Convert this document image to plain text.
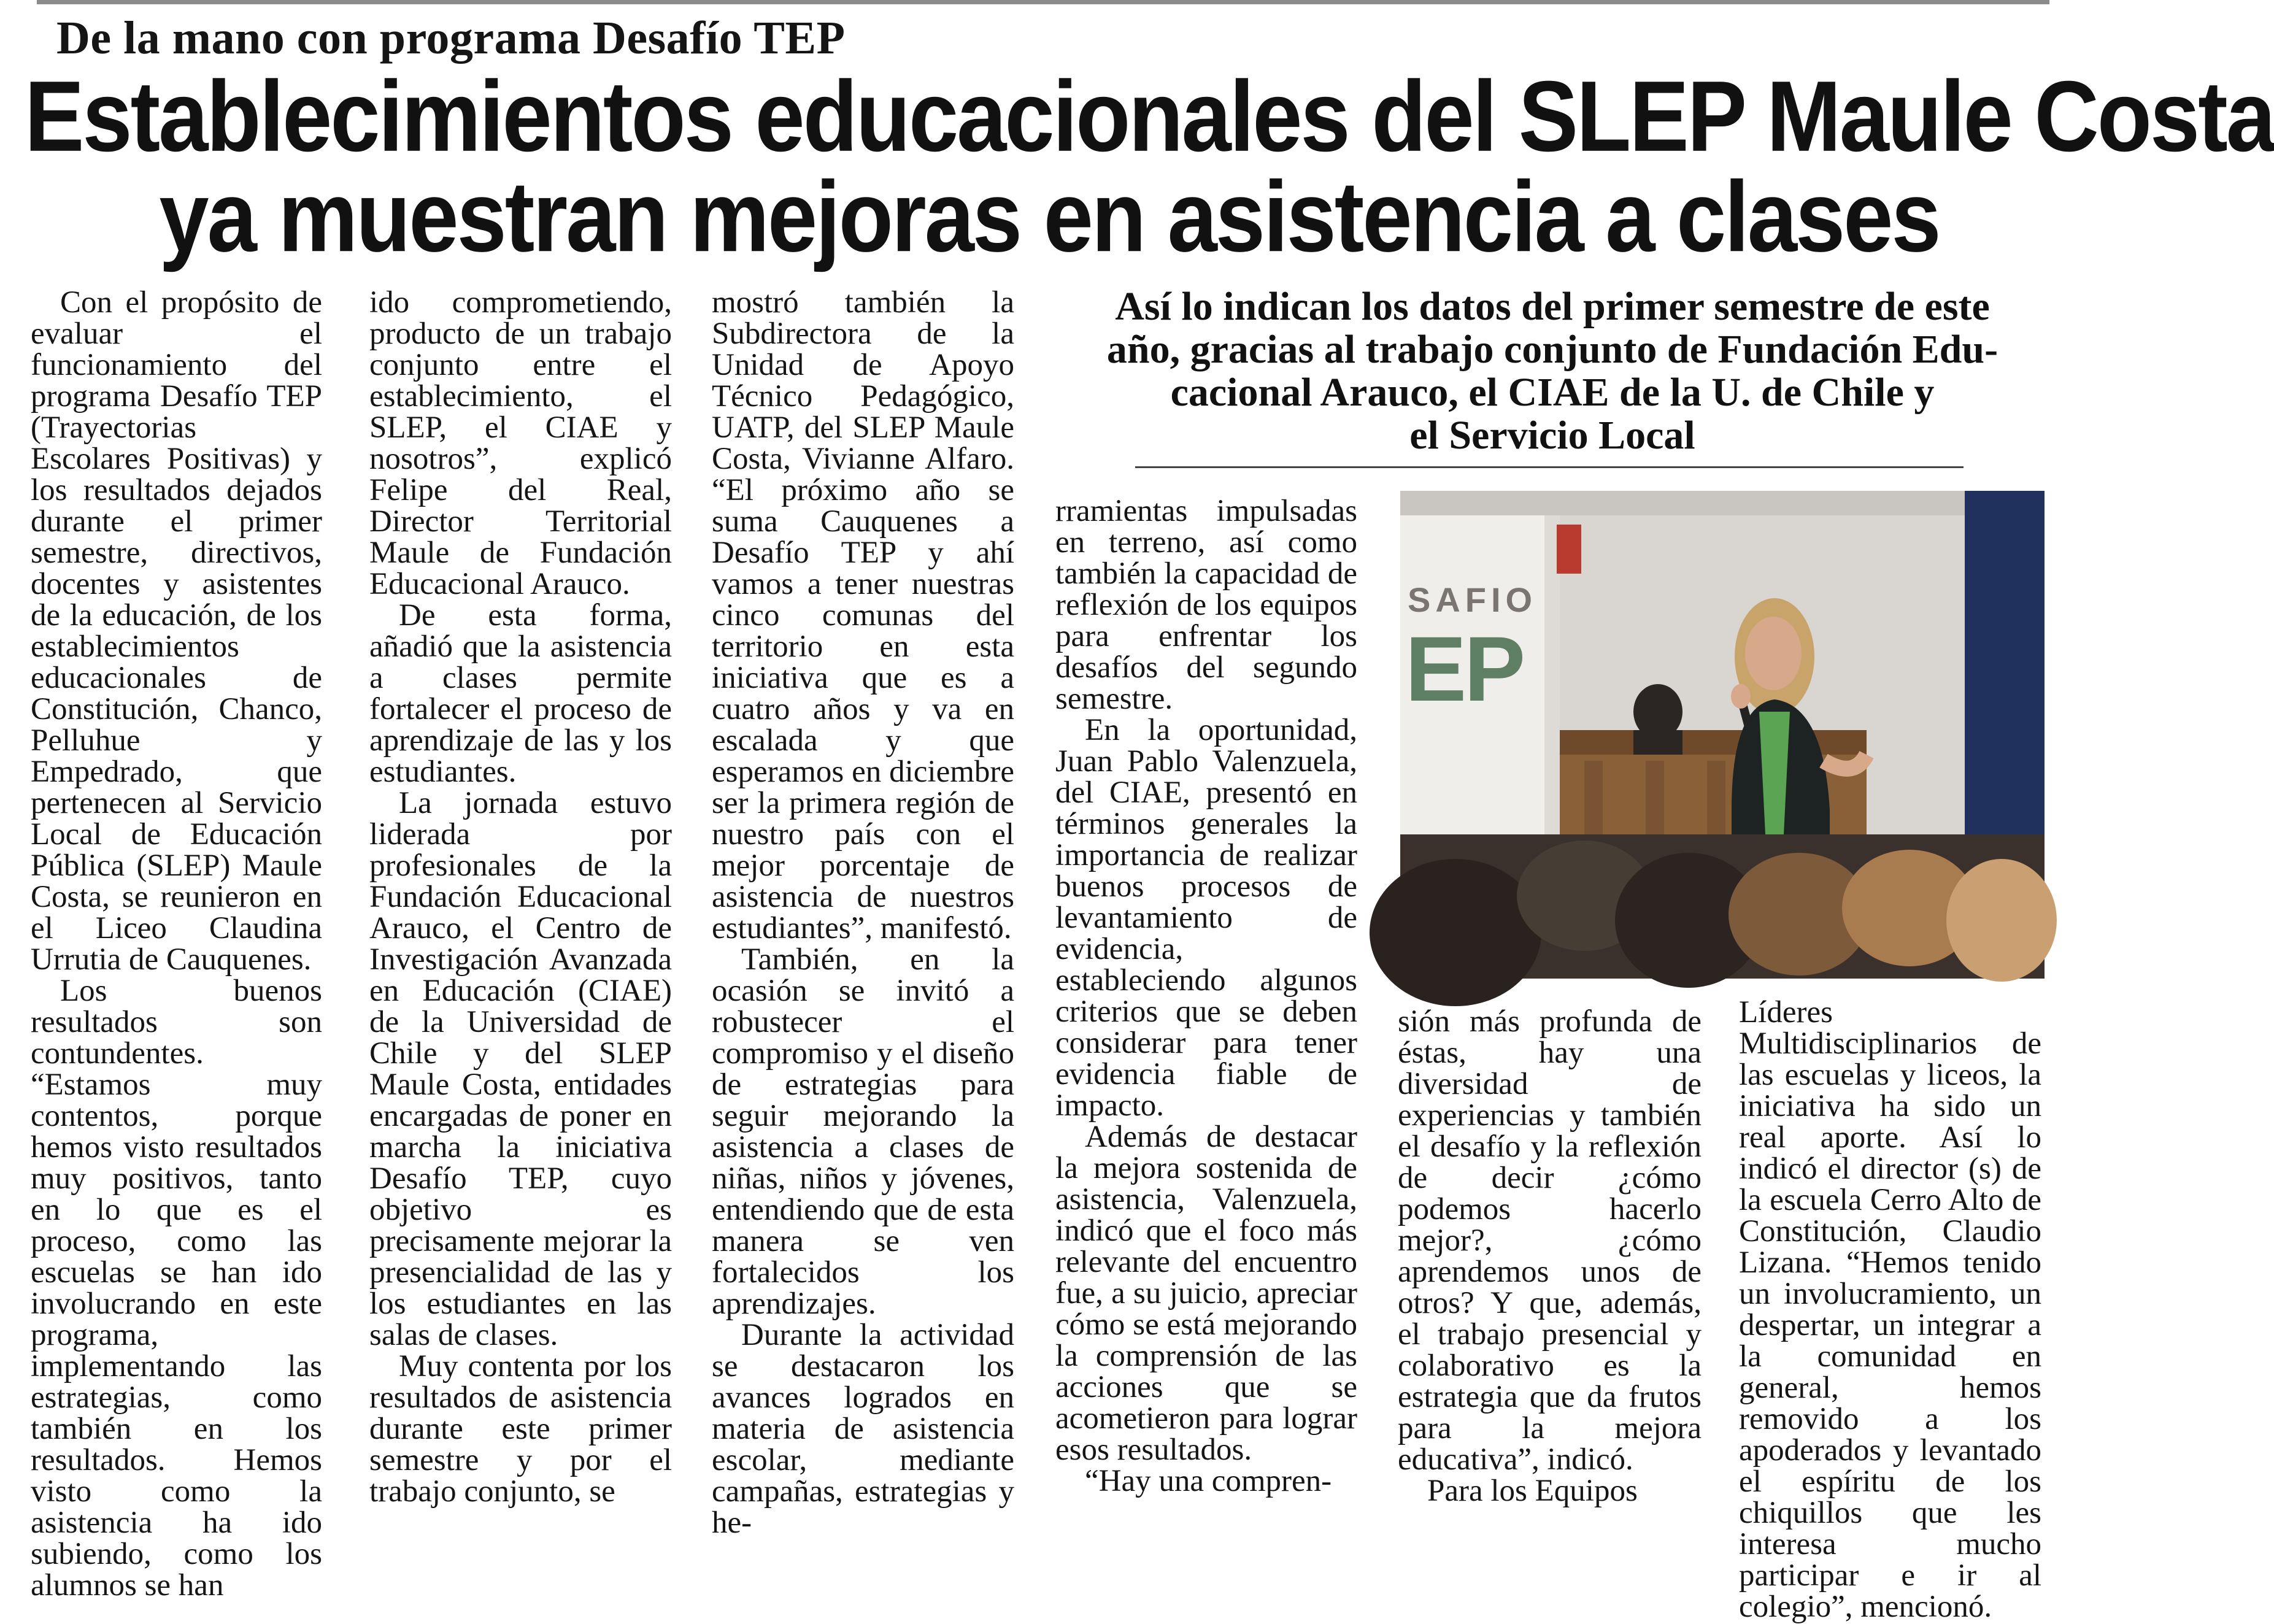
De la mano con programa Desafío TEP
Establecimientos educacionales del SLEP Maule Costa
ya muestran mejoras en asistencia a clases

Con el propósito de evaluar el funcionamiento del programa Desafío TEP (Trayectorias Escolares Positivas) y los resultados dejados durante el primer semestre, directivos, docentes y asistentes de la educación, de los establecimientos educacionales de Constitución, Chanco, Pelluhue y Empedrado, que pertenecen al Servicio Local de Educación Pública (SLEP) Maule Costa, se reunieron en el Liceo Claudina Urrutia de Cauquenes.

Los buenos resultados son contundentes. “Estamos muy contentos, porque hemos visto resultados muy positivos, tanto en lo que es el proceso, como las escuelas se han ido involucrando en este programa, implementando las estrategias, como también en los resultados. Hemos visto como la asistencia ha ido subiendo, como los alumnos se han

ido comprometiendo, producto de un trabajo conjunto entre el establecimiento, el SLEP, el CIAE y nosotros”, explicó Felipe del Real, Director Territorial Maule de Fundación Educacional Arauco.

De esta forma, añadió que la asistencia a clases permite fortalecer el proceso de aprendizaje de las y los estudiantes.

La jornada estuvo liderada por profesionales de la Fundación Educacional Arauco, el Centro de Investigación Avanzada en Educación (CIAE) de la Universidad de Chile y del SLEP Maule Costa, entidades encargadas de poner en marcha la iniciativa Desafío TEP, cuyo objetivo es precisamente mejorar la presencialidad de las y los estudiantes en las salas de clases.

Muy contenta por los resultados de asistencia durante este primer semestre y por el trabajo conjunto, se

mostró también la Subdirectora de la Unidad de Apoyo Técnico Pedagógico, UATP, del SLEP Maule Costa, Vivianne Alfaro. “El próximo año se suma Cauquenes a Desafío TEP y ahí vamos a tener nuestras cinco comunas del territorio en esta iniciativa que es a cuatro años y va en escalada y que esperamos en diciembre ser la primera región de nuestro país con el mejor porcentaje de asistencia de nuestros estudiantes”, manifestó.

También, en la ocasión se invitó a robustecer el compromiso y el diseño de estrategias para seguir mejorando la asistencia a clases de niñas, niños y jóvenes, entendiendo que de esta manera se ven fortalecidos los aprendizajes.

Durante la actividad se destacaron los avances logrados en materia de asistencia escolar, mediante campañas, estrategias y he-

Así lo indican los datos del primer semestre de este
año, gracias al trabajo conjunto de Fundación Edu-
cacional Arauco, el CIAE de la U. de Chile y
el Servicio Local
SAFIO
EP

rramientas impulsadas en terreno, así como también la capacidad de reflexión de los equipos para enfrentar los desafíos del segundo semestre.

En la oportunidad, Juan Pablo Valenzuela, del CIAE, presentó en términos generales la importancia de realizar buenos procesos de levantamiento de evidencia, estableciendo algunos criterios que se deben considerar para tener evidencia fiable de impacto.

Además de destacar la mejora sostenida de asistencia, Valenzuela, indicó que el foco más relevante del encuentro fue, a su juicio, apreciar cómo se está mejorando la comprensión de las acciones que se acometieron para lograr esos resultados.

“Hay una compren-

sión más profunda de éstas, hay una diversidad de experiencias y también el desafío y la reflexión de decir ¿cómo podemos hacerlo mejor?, ¿cómo aprendemos unos de otros? Y que, además, el trabajo presencial y colaborativo es la estrategia que da frutos para la mejora educativa”, indicó.

Para los Equipos

Líderes Multidisciplinarios de las escuelas y liceos, la iniciativa ha sido un real aporte. Así lo indicó el director (s) de la escuela Cerro Alto de Constitución, Claudio Lizana. “Hemos tenido un involucramiento, un despertar, un integrar a la comunidad en general, hemos removido a los apoderados y levantado el espíritu de los chiquillos que les interesa mucho participar e ir al colegio”, mencionó.
